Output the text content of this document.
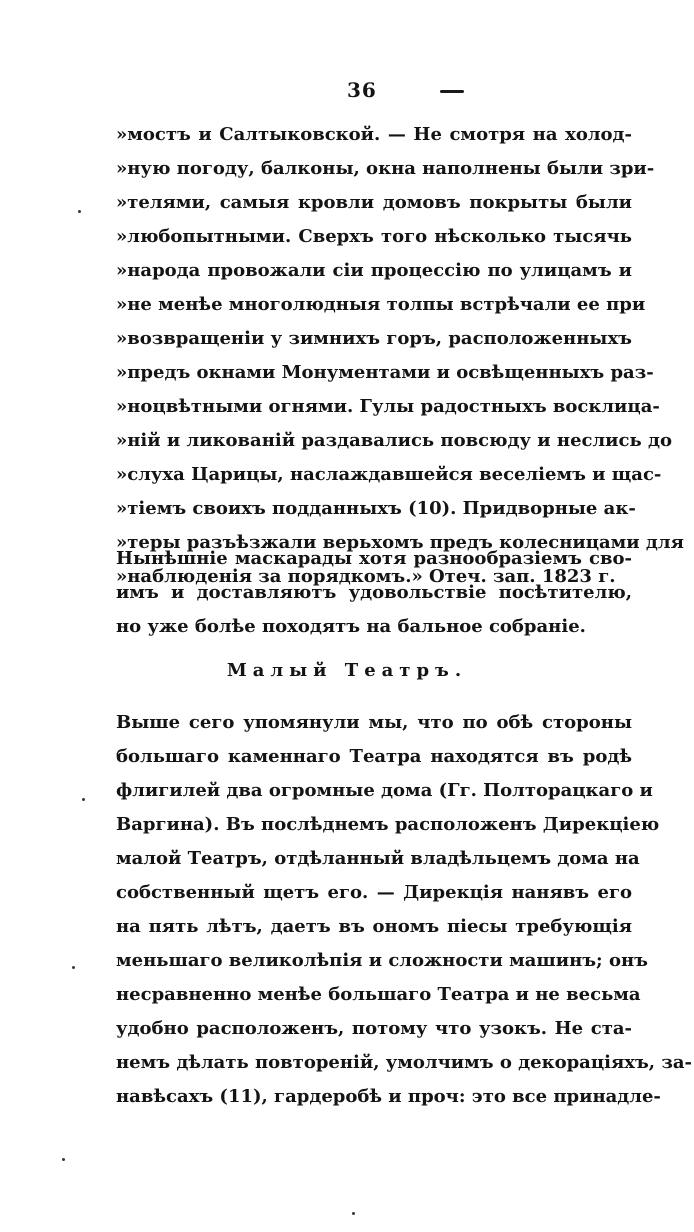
36
»мостъ и Салтыковской. — Не смотря на холод-
»ную погоду, балконы, окна наполнены были зри-
»телями, самыя кровли домовъ покрыты были
»любопытными. Сверхъ того нѣсколько тысячь
»народа провожали сіи процессію по улицамъ и
»не менѣе многолюдныя толпы встрѣчали ее при
»возвращеніи у зимнихъ горъ, расположенныхъ
»предъ окнами Монументами и освѣщенныхъ раз-
»ноцвѣтными огнями. Гулы радостныхъ восклица-
»ній и ликованій раздавались повсюду и неслись до
»слуха Царицы, наслаждавшейся веселіемъ и щас-
»тіемъ своихъ подданныхъ (10). Придворные ак-
»теры разъѣзжали верьхомъ предъ колесницами для
»наблюденія за порядкомъ.» Отеч. зап. 1823 г.
Нынѣшніе маскарады хотя разнообразіемъ сво-
имъ и доставляютъ удовольствіе посѣтителю,
но уже болѣе походятъ на бальное собраніе.
Малый Театръ.
Выше сего упомянули мы, что по обѣ стороны
большаго каменнаго Театра находятся въ родѣ
флигилей два огромные дома (Гг. Полторацкаго и
Варгина). Въ послѣднемъ расположенъ Дирекціею
малой Театръ, отдѣланный владѣльцемъ дома на
собственный щетъ его. — Дирекція нанявъ его
на пять лѣтъ, даетъ въ ономъ піесы требующія
меньшаго великолѣпія и сложности машинъ; онъ
несравненно менѣе большаго Театра и не весьма
удобно расположенъ, потому что узокъ. Не ста-
немъ дѣлать повтореній, умолчимъ о декораціяхъ, за-
навѣсахъ (11), гардеробѣ и проч: это все принадле-
